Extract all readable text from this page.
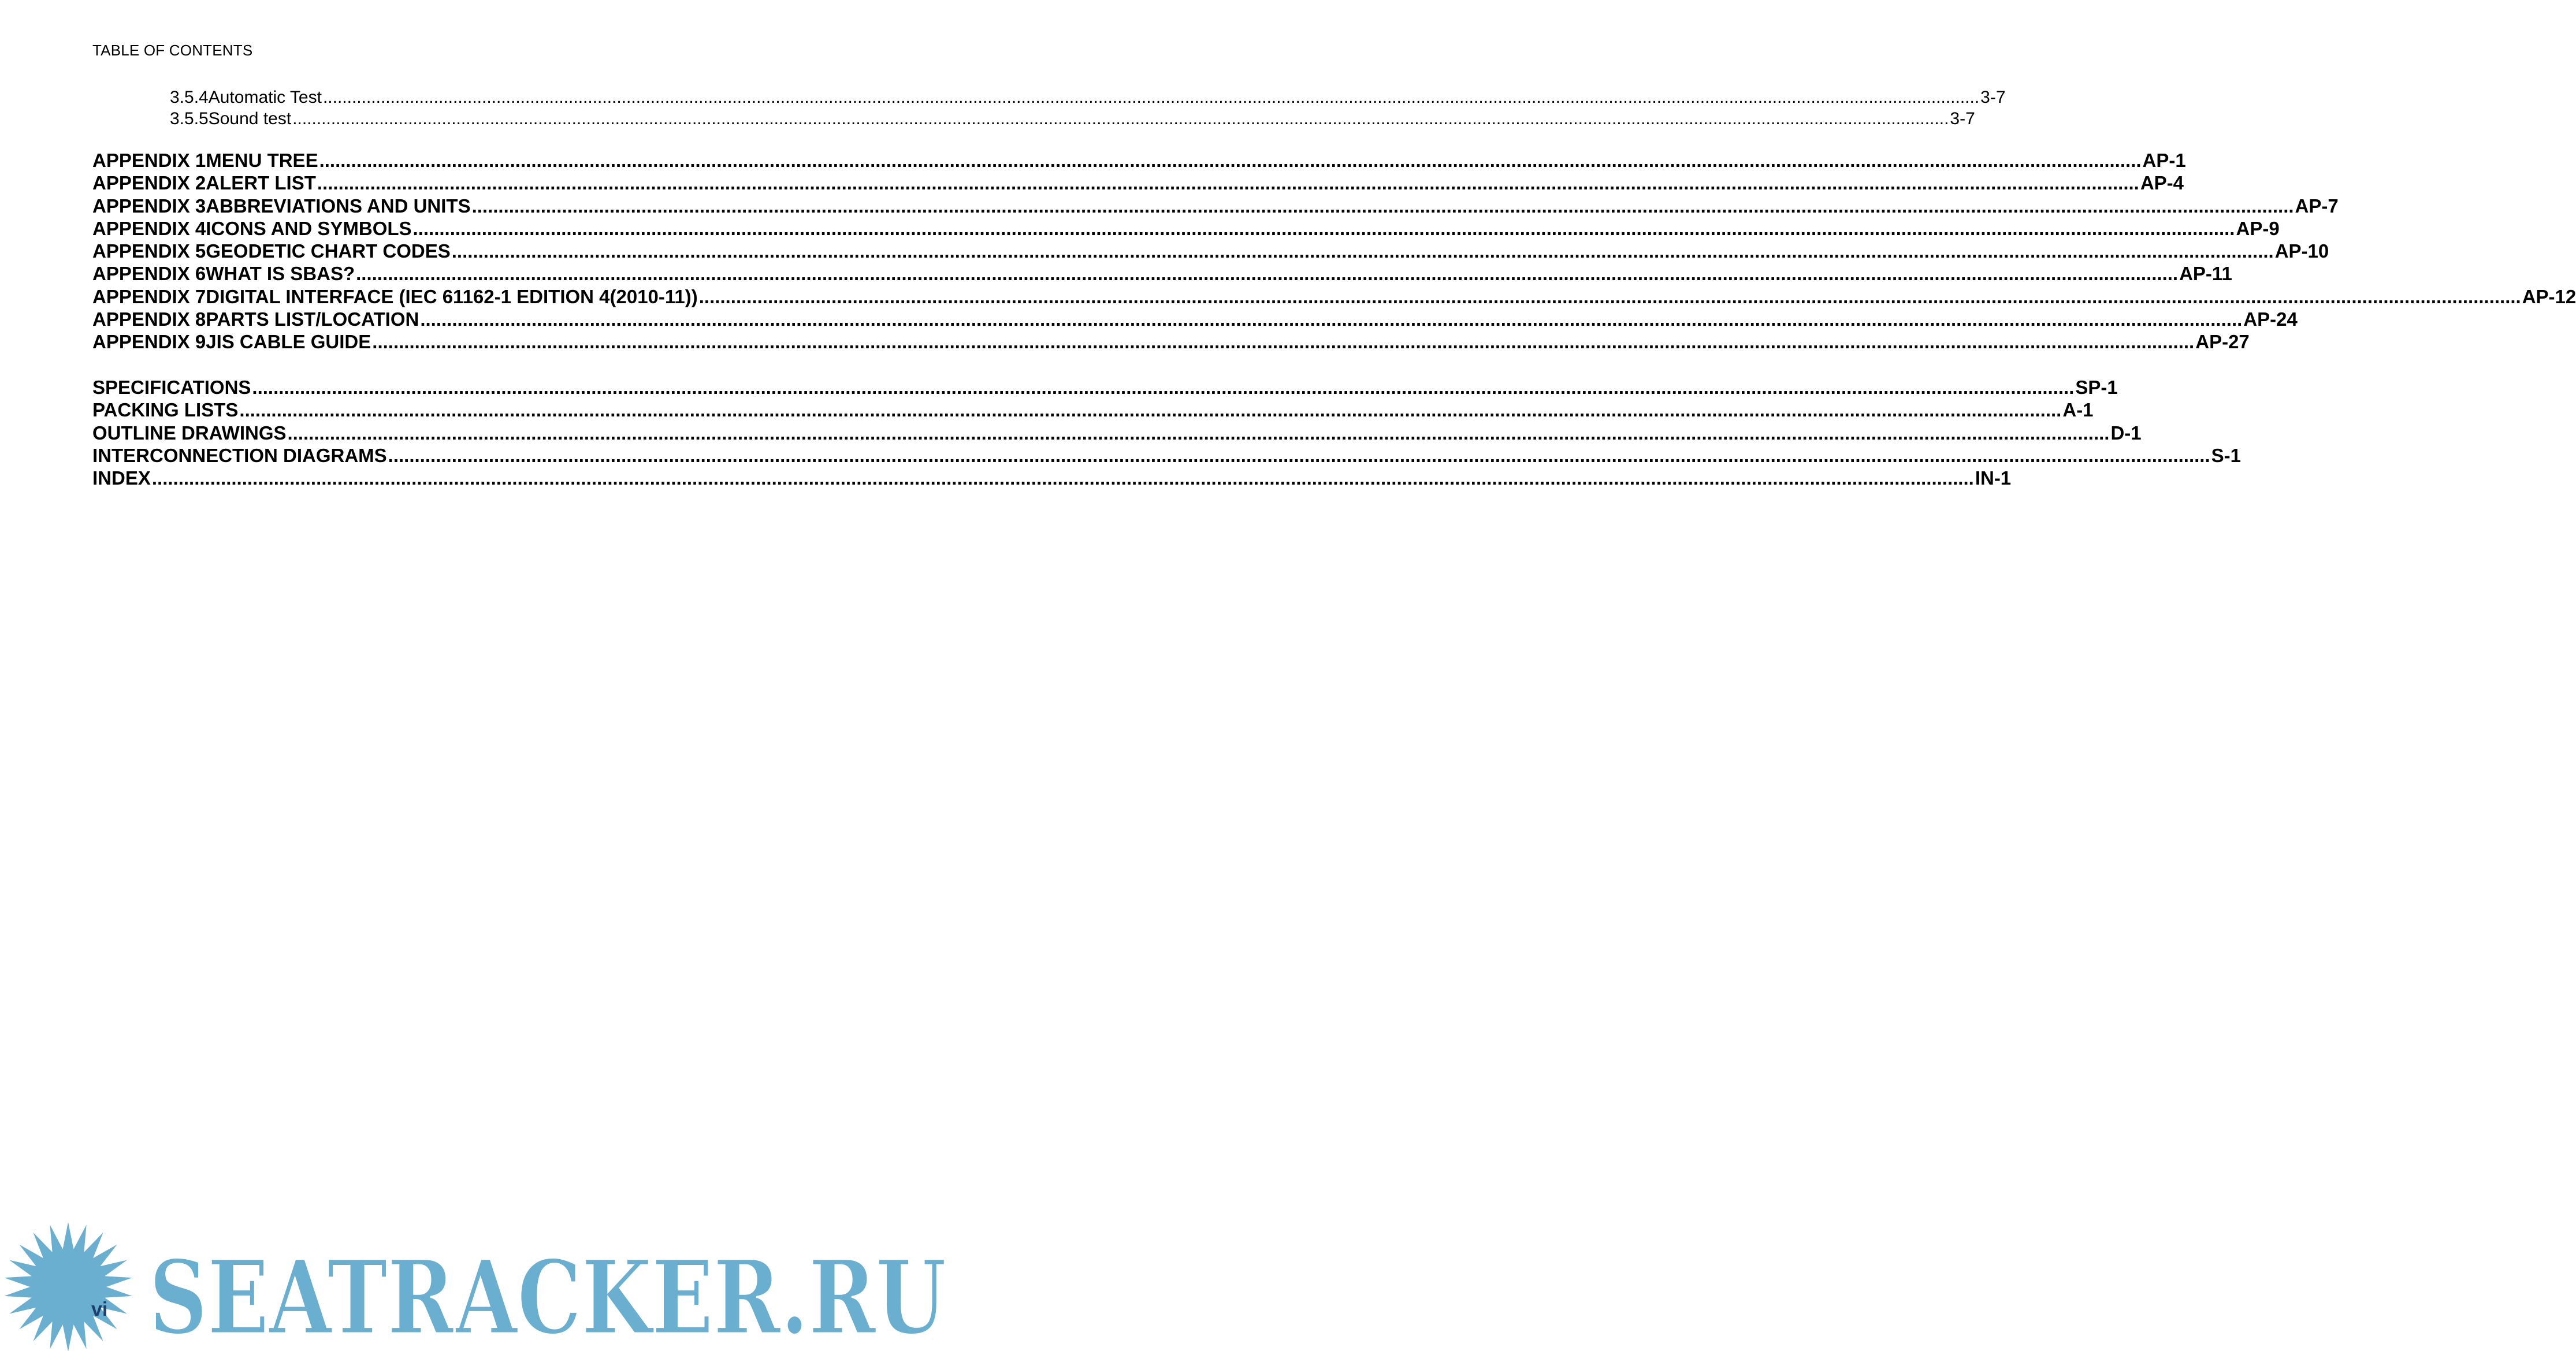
TABLE OF CONTENTS
3.5.4 Automatic Test .....	3-7
3.5.5 Sound test .....	3-7
APPENDIX 1 MENU TREE .....	AP-1
APPENDIX 2 ALERT LIST .....	AP-4
APPENDIX 3 ABBREVIATIONS AND UNITS .....	AP-7
APPENDIX 4 ICONS AND SYMBOLS .....	AP-9
APPENDIX 5 GEODETIC CHART CODES .....	AP-10
APPENDIX 6 WHAT IS SBAS? .....	AP-11
APPENDIX 7 DIGITAL INTERFACE (IEC 61162-1 EDITION 4(2010-11)) .....	AP-12
APPENDIX 8 PARTS LIST/LOCATION .....	AP-24
APPENDIX 9 JIS CABLE GUIDE .....	AP-27
SPECIFICATIONS .....	SP-1
PACKING LISTS .....	A-1
OUTLINE DRAWINGS .....	D-1
INTERCONNECTION DIAGRAMS .....	S-1
INDEX .....	IN-1
SEATRACKER.RU
vi
